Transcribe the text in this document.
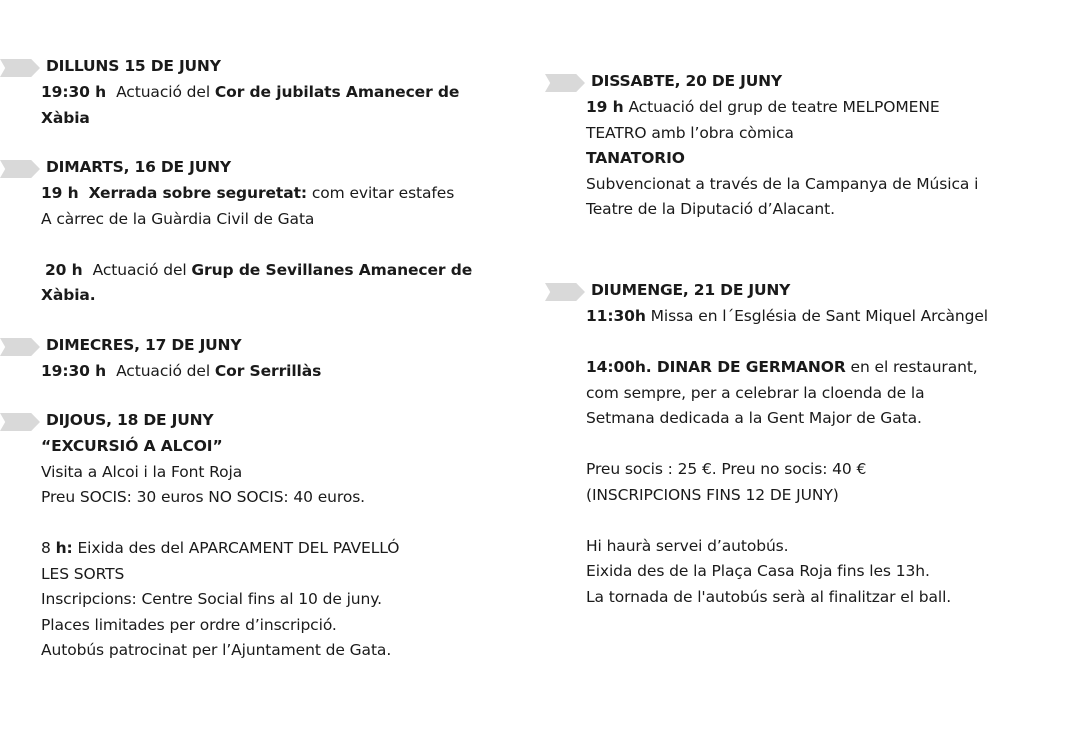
DILLUNS 15 DE JUNY
19:30 h Actuació del Cor de jubilats Amanecer de
Xàbia
DIMARTS, 16 DE JUNY
19 h Xerrada sobre seguretat: com evitar estafes
A càrrec de la Guàrdia Civil de Gata
20 h Actuació del Grup de Sevillanes Amanecer de
Xàbia.
DIMECRES, 17 DE JUNY
19:30 h Actuació del Cor Serrillàs
DIJOUS, 18 DE JUNY
“EXCURSIÓ A ALCOI”
Visita a Alcoi i la Font Roja
Preu SOCIS: 30 euros NO SOCIS: 40 euros.
8 h: Eixida des del APARCAMENT DEL PAVELLÓ
LES SORTS
Inscripcions: Centre Social fins al 10 de juny.
Places limitades per ordre d’inscripció.
Autobús patrocinat per l’Ajuntament de Gata.
DISSABTE, 20 DE JUNY
19 h Actuació del grup de teatre MELPOMENE
TEATRO amb l’obra còmica
TANATORIO
Subvencionat a través de la Campanya de Música i
Teatre de la Diputació d’Alacant.
DIUMENGE, 21 DE JUNY
11:30h Missa en l´Església de Sant Miquel Arcàngel
14:00h. DINAR DE GERMANOR en el restaurant,
com sempre, per a celebrar la cloenda de la
Setmana dedicada a la Gent Major de Gata.
Preu socis : 25 €. Preu no socis: 40 €
(INSCRIPCIONS FINS 12 DE JUNY)
Hi haurà servei d’autobús.
Eixida des de la Plaça Casa Roja fins les 13h.
La tornada de l'autobús serà al finalitzar el ball.
